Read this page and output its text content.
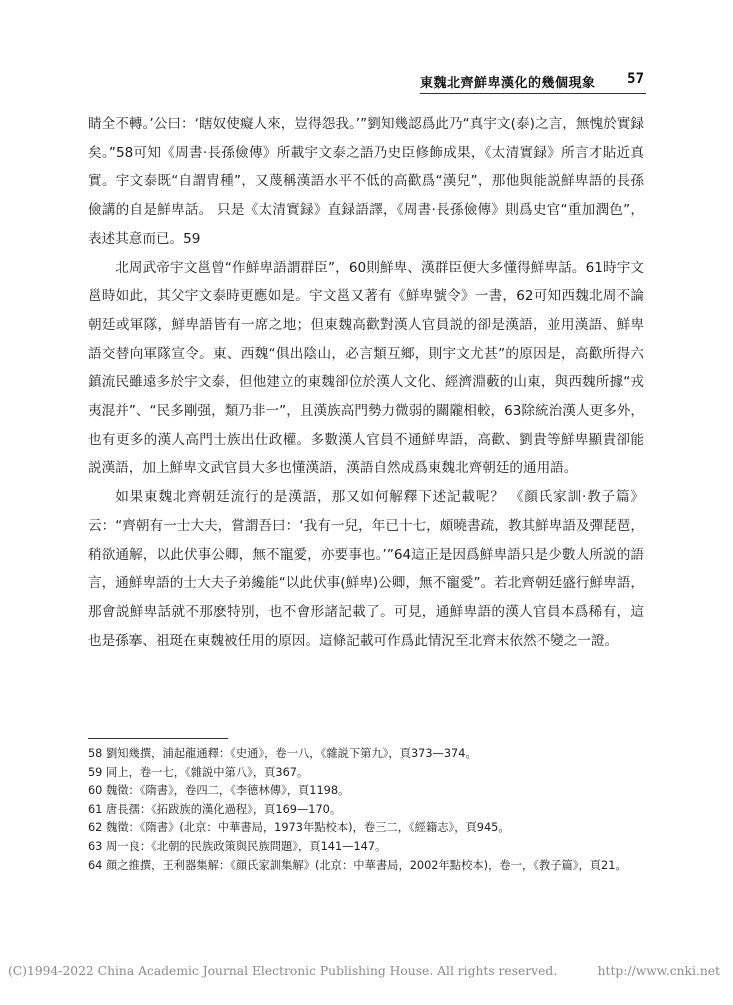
東魏北齊鮮卑漢化的幾個現象 57

睛全不轉。’公曰：‘瞎奴使癡人來，豈得怨我。’”劉知幾認爲此乃“真宇文(泰)之言，無愧於實録矣。”58可知《周書·長孫儉傳》所載宇文泰之語乃史臣修飾成果，《太清實録》所言才貼近真實。宇文泰既“自謂胄種”，又蔑稱漢語水平不低的高歡爲“漢兒”，那他與能説鮮卑語的長孫儉講的自是鮮卑話。 只是《太清實録》直録語譯，《周書·長孫儉傳》則爲史官“重加潤色”，表述其意而已。59

北周武帝宇文邕曾“作鮮卑語謂群臣”，60則鮮卑、漢群臣便大多懂得鮮卑話。61時宇文邕時如此，其父宇文泰時更應如是。宇文邕又著有《鮮卑號令》一書，62可知西魏北周不論朝廷或軍隊，鮮卑語皆有一席之地；但東魏高歡對漢人官員説的卻是漢語，並用漢語、鮮卑語交替向軍隊宣令。東、西魏“俱出陰山，必言類互鄉，則宇文尤甚”的原因是，高歡所得六鎮流民雖遠多於宇文泰，但他建立的東魏卻位於漢人文化、經濟淵藪的山東，與西魏所據“戎夷混并”、“民多剛强，類乃非一”，且漢族高門勢力微弱的關隴相較，63除統治漢人更多外，也有更多的漢人高門士族出仕政權。多數漢人官員不通鮮卑語，高歡、劉貴等鮮卑顯貴卻能説漢語，加上鮮卑文武官員大多也懂漢語，漢語自然成爲東魏北齊朝廷的通用語。

如果東魏北齊朝廷流行的是漢語，那又如何解釋下述記載呢？ 《顔氏家訓·教子篇》云：“齊朝有一士大夫，嘗謂吾曰：‘我有一兒，年已十七，頗曉書疏，教其鮮卑語及彈琵琶，稍欲通解，以此伏事公卿，無不寵愛，亦要事也。’”64這正是因爲鮮卑語只是少數人所説的語言，通鮮卑語的士大夫子弟纔能“以此伏事(鮮卑)公卿，無不寵愛”。若北齊朝廷盛行鮮卑語，那會説鮮卑話就不那麽特别，也不會形諸記載了。可見，通鮮卑語的漢人官員本爲稀有，這也是孫搴、祖珽在東魏被任用的原因。這條記載可作爲此情況至北齊末依然不變之一證。

58 劉知幾撰，浦起龍通釋：《史通》，卷一八，《雜説下第九》，頁373—374。

59 同上，卷一七，《雜説中第八》，頁367。

60 魏徵：《隋書》，卷四二，《李德林傳》，頁1198。

61 唐長孺：《拓跋族的漢化過程》，頁169—170。

62 魏徵：《隋書》(北京：中華書局，1973年點校本)，卷三二，《經籍志》，頁945。

63 周一良：《北朝的民族政策與民族問題》，頁141—147。

64 顔之推撰，王利器集解：《顔氏家訓集解》(北京：中華書局，2002年點校本)，卷一，《教子篇》，頁21。

(C)1994-2022 China Academic Journal Electronic Publishing House. All rights reserved.	http://www.cnki.net
